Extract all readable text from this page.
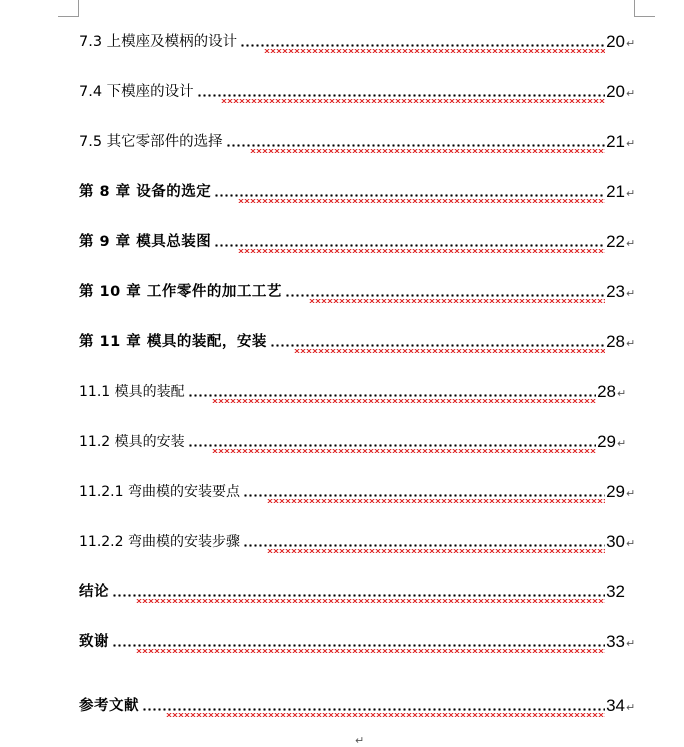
7.3 上模座及模柄的设计	20 ↵
7.4 下模座的设计	20 ↵
7.5 其它零部件的选择	21 ↵
第 8 章 设备的选定	21 ↵
第 9 章 模具总装图	22 ↵
第 10 章 工作零件的加工工艺	23 ↵
第 11 章 模具的装配，安装	28 ↵
11.1 模具的装配	28 ↵
11.2 模具的安装	29 ↵
11.2.1 弯曲模的安装要点	29 ↵
11.2.2 弯曲模的安装步骤	30 ↵
结论	32
致谢	33 ↵
参考文献	34 ↵
↵
